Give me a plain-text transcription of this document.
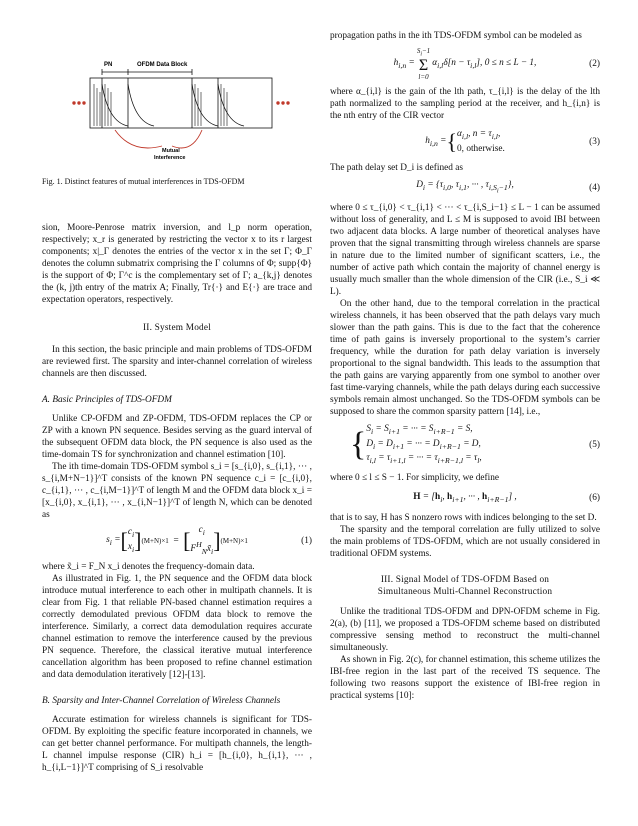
PN	OFDM Data Block
Mutual
Interference

Fig. 1. Distinct features of mutual interferences in TDS-OFDM

sion, Moore-Penrose matrix inversion, and l_p norm operation, respectively; x_r is generated by restricting the vector x to its r largest components; x|_Γ denotes the entries of the vector x in the set Γ; Φ_Γ denotes the column submatrix comprising the Γ columns of Φ; supp{Φ} is the support of Φ; Γ^c is the complementary set of Γ; a_{k,j} denotes the (k, j)th entry of the matrix A; Finally, Tr{·} and E{·} are trace and expectation operators, respectively.

II. System Model

In this section, the basic principle and main problems of TDS-OFDM are reviewed first. The sparsity and inter-channel correlation of wireless channels are then discussed.

A. Basic Principles of TDS-OFDM

Unlike CP-OFDM and ZP-OFDM, TDS-OFDM replaces the CP or ZP with a known PN sequence. Besides serving as the guard interval of the subsequent OFDM data block, the PN sequence is also used as the time-domain TS for synchronization and channel estimation [10].

The ith time-domain TDS-OFDM symbol s_i = [s_{i,0}, s_{i,1}, ··· , s_{i,M+N−1}]^T consists of the known PN sequence c_i = [c_{i,0}, c_{i,1}, ··· , c_{i,M−1}]^T of length M and the OFDM data block x_i = [x_{i,0}, x_{i,1}, ··· , x_{i,N−1}]^T of length N, which can be denoted as

$s_i$ = [ $c_i$
$x_i$ ] (M+N)×1 = [ $c_i$
$F^H_Nx̃_i$ ] (M+N)×1	(1)

where x̃_i = F_N x_i denotes the frequency-domain data.

As illustrated in Fig. 1, the PN sequence and the OFDM data block introduce mutual interference to each other in multipath channels. It is clear from Fig. 1 that reliable PN-based channel estimation requires a correctly demodulated previous OFDM data block to remove the interference. Similarly, a correct data demodulation requires accurate channel estimation to remove the interference caused by the previous PN sequence. Therefore, the classical iterative mutual interference cancellation algorithm has been proposed to refine channel estimation and data demodulation iteratively [12]-[13].

B. Sparsity and Inter-Channel Correlation of Wireless Channels

Accurate estimation for wireless channels is significant for TDS-OFDM. By exploiting the specific feature incorporated in channels, we can get better channel performance. For multipath channels, the length-L channel impulse response (CIR) h_i = [h_{i,0}, h_{i,1}, ··· , h_{i,L−1}]^T comprising of S_i resolvable

propagation paths in the ith TDS-OFDM symbol can be modeled as

$h_{i,n}$ =
$S_i-1$
Σ
l=0
$\alpha_{i,l}\delta[n - \tau_{i,l}]$, 0 ≤ n ≤ L − 1,	(2)

where α_{i,l} is the gain of the lth path, τ_{i,l} is the delay of the lth path normalized to the sampling period at the receiver, and h_{i,n} is the nth entry of the CIR vector

$h_{i,n}$ = { $\alpha_{i,l}$, $n = \tau_{i,l}$,
0, otherwise.
(3)

The path delay set D_i is defined as

$D_i = \{\tau_{i,0}$, $\tau_{i,1}$, ··· , $\tau_{i,S_i-1}$},	(4)

where 0 ≤ τ_{i,0} < τ_{i,1} < ··· < τ_{i,S_i−1} ≤ L − 1 can be assumed without loss of generality, and L ≤ M is supposed to avoid IBI between two adjacent data blocks. A large number of theoretical analyses have proven that the signal transmitting through wireless channels are sparse in nature due to the limited number of significant scatters, i.e., the number of active path which contain the majority of channel energy is usually much smaller than the whole dimension of the CIR (i.e., S_i ≪ L).

On the other hand, due to the temporal correlation in the practical wireless channels, it has been observed that the path delays vary much slower than the path gains. This is due to the fact that the coherence time of path gains is inversely proportional to the system’s carrier frequency, while the duration for path delay variation is inversely proportional to the signal bandwidth. This leads to the assumption that the path gains are varying apparently from one symbol to another over fast time-varying channels, while the path delays during each successive symbols remain almost unchanged. So the TDS-OFDM symbols can be supposed to share the common sparsity pattern [14], i.e.,

{ $S_i = S_{i+1}$ = ··· = $S_{i+R-1} = S$,
$D_i = D_{i+1}$ = ··· = $D_{i+R-1} = D$,
$\tau_{i,l} = \tau_{i+1,l}$ = ··· = $\tau_{i+R-1,l} = \tau_l$,
(5)

where 0 ≤ l ≤ S − 1. For simplicity, we define

$H = [h_i$, $h_{i+1}$, ··· , $h_{i+R-1}$] ,	(6)

that is to say, H has S nonzero rows with indices belonging to the set D.

The sparsity and the temporal correlation are fully utilized to solve the main problems of TDS-OFDM, which are not usually considered in traditional OFDM systems.

III. Signal Model of TDS-OFDM Based on

Simultaneous Multi-Channel Reconstruction

Unlike the traditional TDS-OFDM and DPN-OFDM scheme in Fig. 2(a), (b) [11], we proposed a TDS-OFDM scheme based on distributed compressive sensing method to reconstruct the multi-channel simultaneously.

As shown in Fig. 2(c), for channel estimation, this scheme utilizes the IBI-free region in the last part of the received TS sequence. The following two reasons support the existence of IBI-free region in practical systems [10]:
